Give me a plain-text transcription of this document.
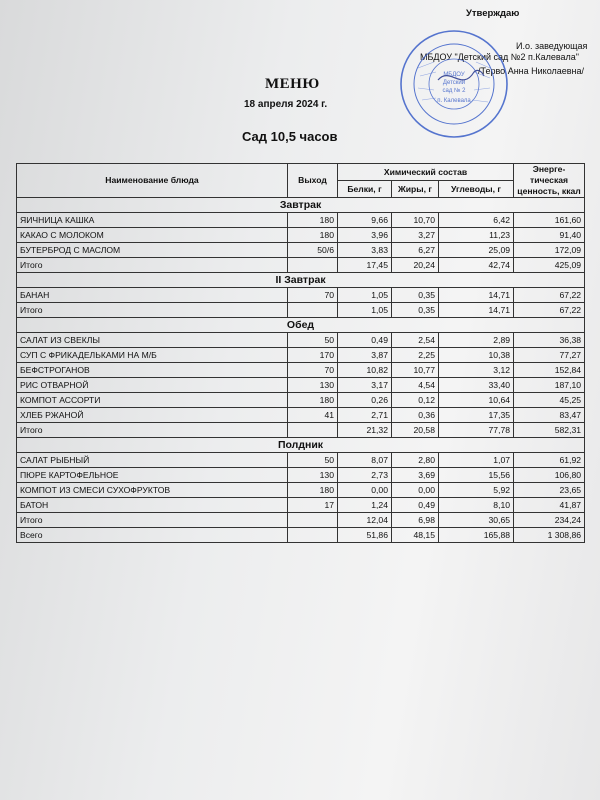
Утверждаю
И.о. заведующая
МБДОУ "Детский сад №2 п.Калевала"
/Терво Анна Николаевна/
МБДОУ
Детский
сад № 2
п. Калевала
МЕНЮ
18 апреля 2024 г.
Сад 10,5 часов
Наименование блюда	Выход	Химический состав			Энерге-тическая ценность, ккал
		Белки, г	Жиры, г	Углеводы, г	
Завтрак					
ЯИЧНИЦА КАШКА	180	9,66	10,70	6,42	161,60
КАКАО С МОЛОКОМ	180	3,96	3,27	11,23	91,40
БУТЕРБРОД С МАСЛОМ	50/6	3,83	6,27	25,09	172,09
Итого		17,45	20,24	42,74	425,09
II Завтрак					
БАНАН	70	1,05	0,35	14,71	67,22
Итого		1,05	0,35	14,71	67,22
Обед					
САЛАТ ИЗ СВЕКЛЫ	50	0,49	2,54	2,89	36,38
СУП С ФРИКАДЕЛЬКАМИ НА М/Б	170	3,87	2,25	10,38	77,27
БЕФСТРОГАНОВ	70	10,82	10,77	3,12	152,84
РИС ОТВАРНОЙ	130	3,17	4,54	33,40	187,10
КОМПОТ АССОРТИ	180	0,26	0,12	10,64	45,25
ХЛЕБ РЖАНОЙ	41	2,71	0,36	17,35	83,47
Итого		21,32	20,58	77,78	582,31
Полдник					
САЛАТ РЫБНЫЙ	50	8,07	2,80	1,07	61,92
ПЮРЕ КАРТОФЕЛЬНОЕ	130	2,73	3,69	15,56	106,80
КОМПОТ ИЗ СМЕСИ СУХОФРУКТОВ	180	0,00	0,00	5,92	23,65
БАТОН	17	1,24	0,49	8,10	41,87
Итого		12,04	6,98	30,65	234,24
Всего		51,86	48,15	165,88	1 308,86
